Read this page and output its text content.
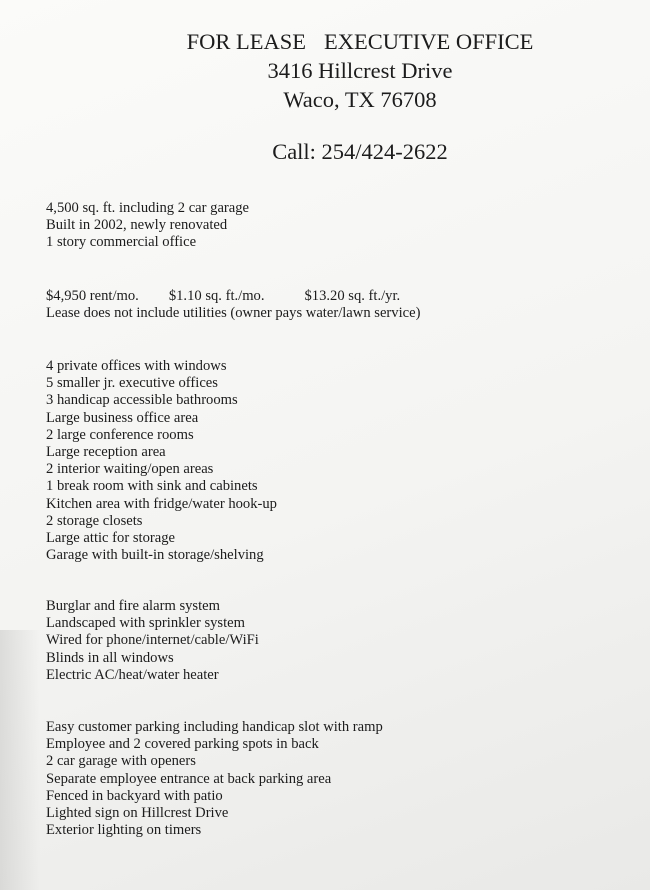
FOR LEASE EXECUTIVE OFFICE
3416 Hillcrest Drive
Waco, TX 76708
Call: 254/424-2622
4,500 sq. ft. including 2 car garage
Built in 2002, newly renovated
1 story commercial office
$4,950 rent/mo. $1.10 sq. ft./mo.	$13.20 sq. ft./yr.
Lease does not include utilities (owner pays water/lawn service)
4 private offices with windows
5 smaller jr. executive offices
3 handicap accessible bathrooms
Large business office area
2 large conference rooms
Large reception area
2 interior waiting/open areas
1 break room with sink and cabinets
Kitchen area with fridge/water hook-up
2 storage closets
Large attic for storage
Garage with built-in storage/shelving
Burglar and fire alarm system
Landscaped with sprinkler system
Wired for phone/internet/cable/WiFi
Blinds in all windows
Electric AC/heat/water heater
Easy customer parking including handicap slot with ramp
Employee and 2 covered parking spots in back
2 car garage with openers
Separate employee entrance at back parking area
Fenced in backyard with patio
Lighted sign on Hillcrest Drive
Exterior lighting on timers
